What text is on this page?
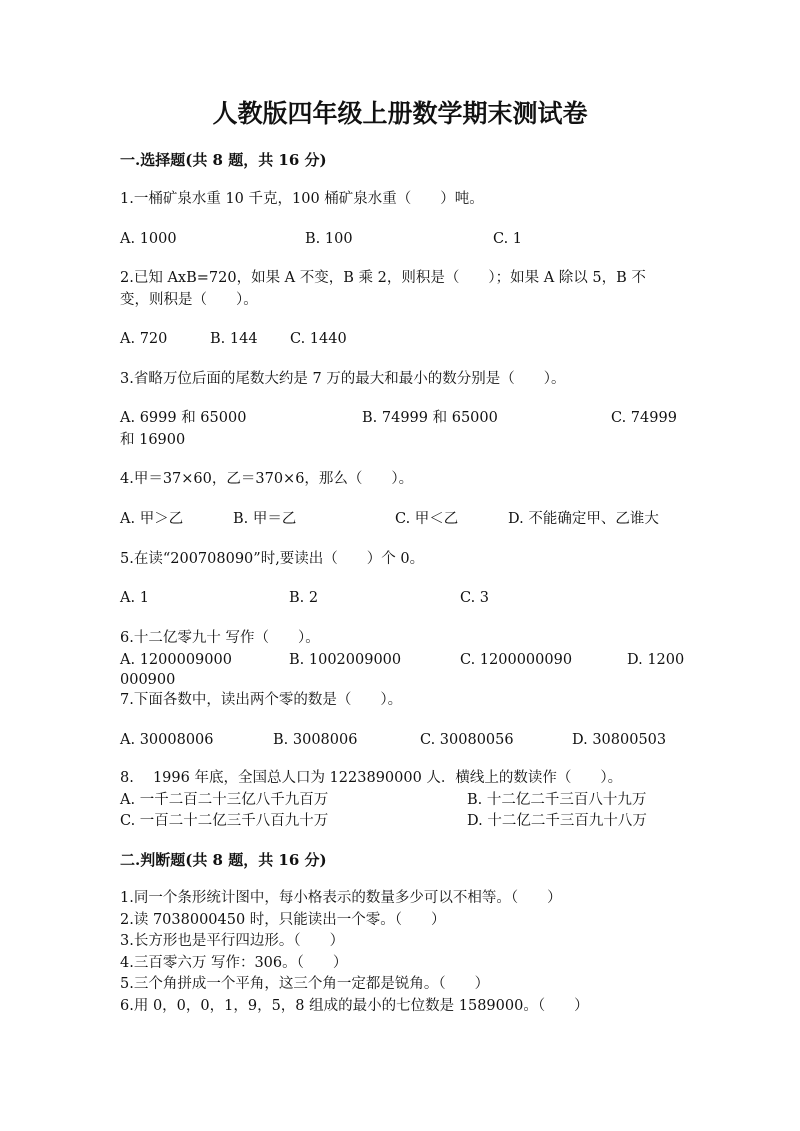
人教版四年级上册数学期末测试卷
一.选择题(共 8 题，共 16 分)
1.一桶矿泉水重 10 千克，100 桶矿泉水重（　　）吨。
A. 1000	B. 100	C. 1
2.已知 AxB=720，如果 A 不变，B 乘 2，则积是（　　）；如果 A 除以 5，B 不
变，则积是（　　）。
A. 720	B. 144 C. 1440
3.省略万位后面的尾数大约是 7 万的最大和最小的数分别是（　　）。
A. 6999 和 65000	B. 74999 和 65000	C. 74999
和 16900
4.甲＝37×60，乙＝370×6，那么（　　）。
A. 甲＞乙	B. 甲＝乙	C. 甲＜乙	D. 不能确定甲、乙谁大
5.在读“200708090”时,要读出（　　）个 0。
A. 1	B. 2	C. 3
6.十二亿零九十 写作（　　）。
A. 1200009000	B. 1002009000	C. 1200000090	D. 1200
000900
7.下面各数中，读出两个零的数是（　　）。
A. 30008006	B. 3008006	C. 30080056	D. 30800503
8.　 1996 年底，全国总人口为 1223890000 人．横线上的数读作（　　）。
A. 一千二百二十三亿八千九百万	B. 十二亿二千三百八十九万
C. 一百二十二亿三千八百九十万	D. 十二亿二千三百九十八万
二.判断题(共 8 题，共 16 分)
1.同一个条形统计图中，每小格表示的数量多少可以不相等。（　　）
2.读 7038000450 时，只能读出一个零。（　　）
3.长方形也是平行四边形。（　　）
4.三百零六万 写作：306。（　　）
5.三个角拼成一个平角，这三个角一定都是锐角。（　　）
6.用 0，0，0，1，9，5，8 组成的最小的七位数是 1589000。（　　）
